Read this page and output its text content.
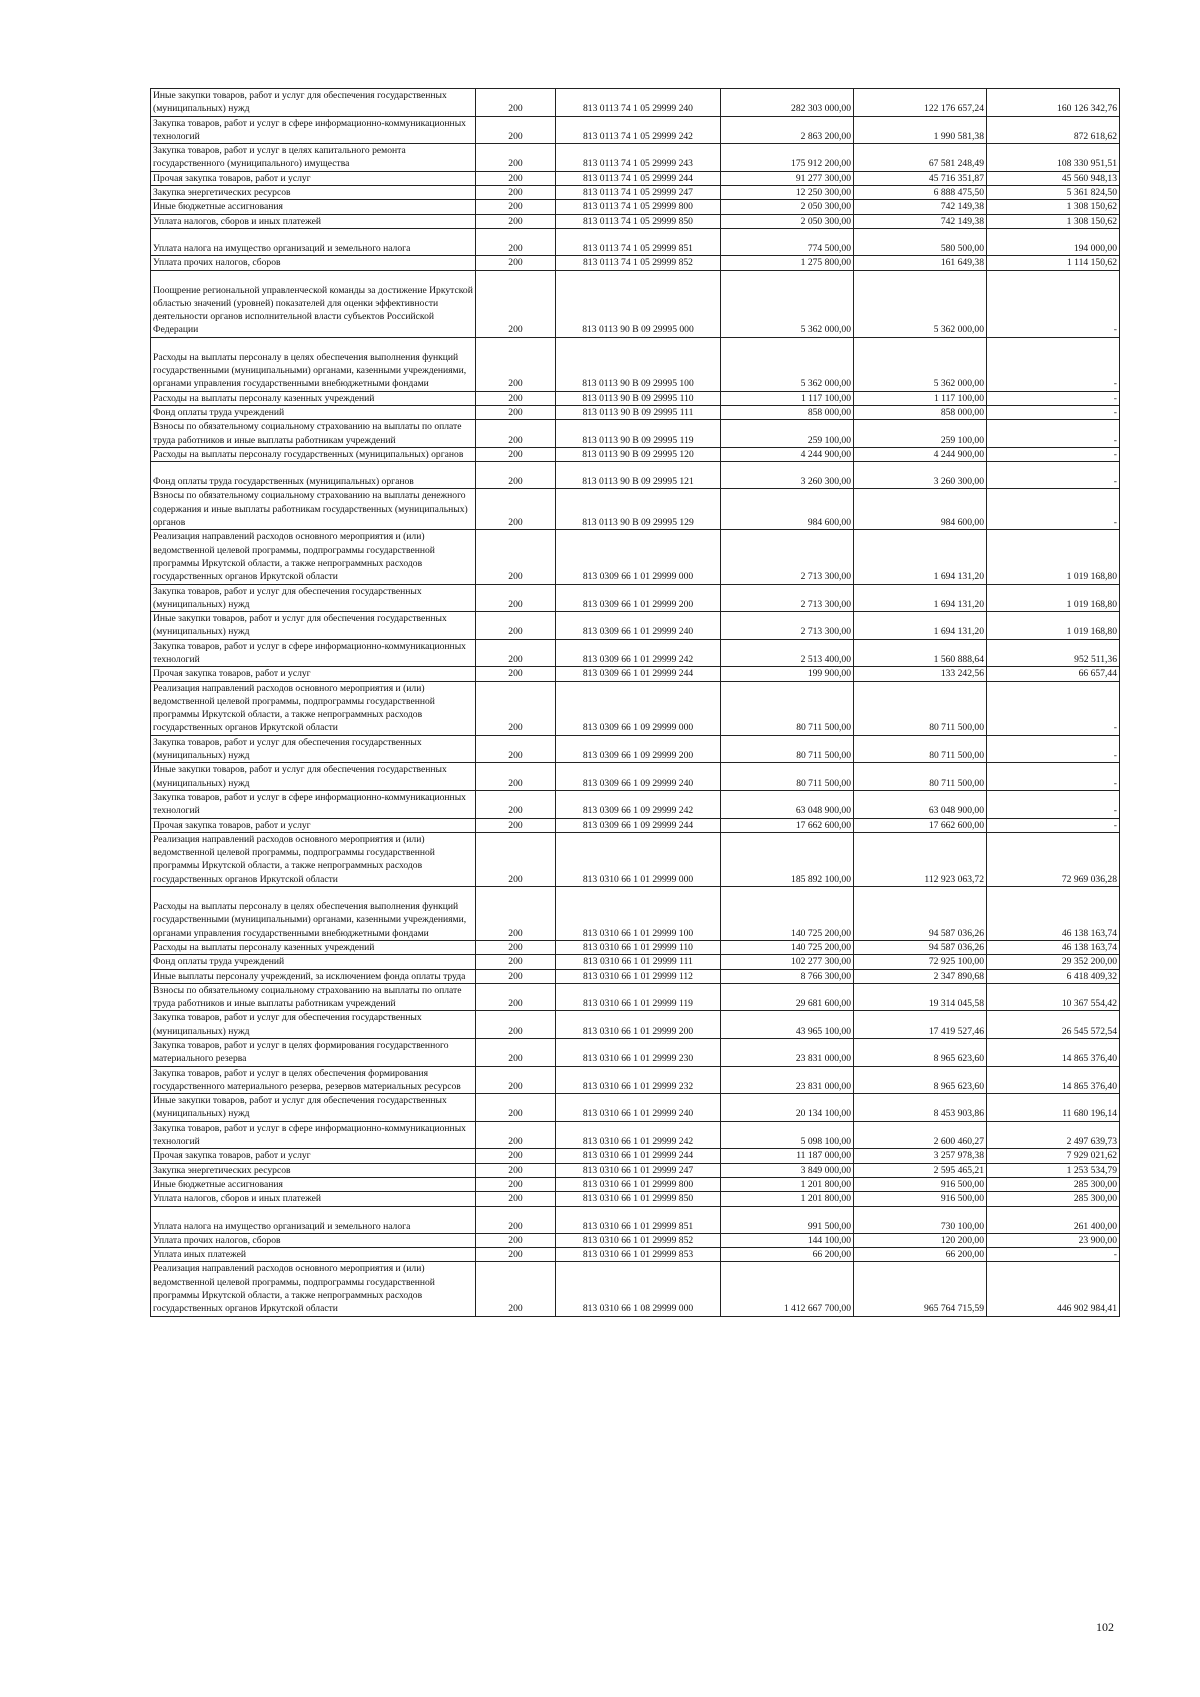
Иные закупки товаров, работ и услуг для обеспечения государственных (муниципальных) нужд	200	813 0113 74 1 05 29999 240	282 303 000,00	122 176 657,24	160 126 342,76
Закупка товаров, работ и услуг в сфере информационно-коммуникационных технологий	200	813 0113 74 1 05 29999 242	2 863 200,00	1 990 581,38	872 618,62
Закупка товаров, работ и услуг в целях капитального ремонта государственного (муниципального) имущества	200	813 0113 74 1 05 29999 243	175 912 200,00	67 581 248,49	108 330 951,51
Прочая закупка товаров, работ и услуг	200	813 0113 74 1 05 29999 244	91 277 300,00	45 716 351,87	45 560 948,13
Закупка энергетических ресурсов	200	813 0113 74 1 05 29999 247	12 250 300,00	6 888 475,50	5 361 824,50
Иные бюджетные ассигнования	200	813 0113 74 1 05 29999 800	2 050 300,00	742 149,38	1 308 150,62
Уплата налогов, сборов и иных платежей	200	813 0113 74 1 05 29999 850	2 050 300,00	742 149,38	1 308 150,62
Уплата налога на имущество организаций и земельного налога	200	813 0113 74 1 05 29999 851	774 500,00	580 500,00	194 000,00
Уплата прочих налогов, сборов	200	813 0113 74 1 05 29999 852	1 275 800,00	161 649,38	1 114 150,62
Поощрение региональной управленческой команды за достижение Иркутской областью значений (уровней) показателей для оценки эффективности деятельности органов исполнительной власти субъектов Российской Федерации	200	813 0113 90 В 09 29995 000	5 362 000,00	5 362 000,00	-
Расходы на выплаты персоналу в целях обеспечения выполнения функций государственными (муниципальными) органами, казенными учреждениями, органами управления государственными внебюджетными фондами	200	813 0113 90 В 09 29995 100	5 362 000,00	5 362 000,00	-
Расходы на выплаты персоналу казенных учреждений	200	813 0113 90 В 09 29995 110	1 117 100,00	1 117 100,00	-
Фонд оплаты труда учреждений	200	813 0113 90 В 09 29995 111	858 000,00	858 000,00	-
Взносы по обязательному социальному страхованию на выплаты по оплате труда работников и иные выплаты работникам учреждений	200	813 0113 90 В 09 29995 119	259 100,00	259 100,00	-
Расходы на выплаты персоналу государственных (муниципальных) органов	200	813 0113 90 В 09 29995 120	4 244 900,00	4 244 900,00	-
Фонд оплаты труда государственных (муниципальных) органов	200	813 0113 90 В 09 29995 121	3 260 300,00	3 260 300,00	-
Взносы по обязательному социальному страхованию на выплаты денежного содержания и иные выплаты работникам государственных (муниципальных) органов	200	813 0113 90 В 09 29995 129	984 600,00	984 600,00	-
Реализация направлений расходов основного мероприятия и (или) ведомственной целевой программы, подпрограммы государственной программы Иркутской области, а также непрограммных расходов государственных органов Иркутской области	200	813 0309 66 1 01 29999 000	2 713 300,00	1 694 131,20	1 019 168,80
Закупка товаров, работ и услуг для обеспечения государственных (муниципальных) нужд	200	813 0309 66 1 01 29999 200	2 713 300,00	1 694 131,20	1 019 168,80
Иные закупки товаров, работ и услуг для обеспечения государственных (муниципальных) нужд	200	813 0309 66 1 01 29999 240	2 713 300,00	1 694 131,20	1 019 168,80
Закупка товаров, работ и услуг в сфере информационно-коммуникационных технологий	200	813 0309 66 1 01 29999 242	2 513 400,00	1 560 888,64	952 511,36
Прочая закупка товаров, работ и услуг	200	813 0309 66 1 01 29999 244	199 900,00	133 242,56	66 657,44
Реализация направлений расходов основного мероприятия и (или) ведомственной целевой программы, подпрограммы государственной программы Иркутской области, а также непрограммных расходов государственных органов Иркутской области	200	813 0309 66 1 09 29999 000	80 711 500,00	80 711 500,00	-
Закупка товаров, работ и услуг для обеспечения государственных (муниципальных) нужд	200	813 0309 66 1 09 29999 200	80 711 500,00	80 711 500,00	-
Иные закупки товаров, работ и услуг для обеспечения государственных (муниципальных) нужд	200	813 0309 66 1 09 29999 240	80 711 500,00	80 711 500,00	-
Закупка товаров, работ и услуг в сфере информационно-коммуникационных технологий	200	813 0309 66 1 09 29999 242	63 048 900,00	63 048 900,00	-
Прочая закупка товаров, работ и услуг	200	813 0309 66 1 09 29999 244	17 662 600,00	17 662 600,00	-
Реализация направлений расходов основного мероприятия и (или) ведомственной целевой программы, подпрограммы государственной программы Иркутской области, а также непрограммных расходов государственных органов Иркутской области	200	813 0310 66 1 01 29999 000	185 892 100,00	112 923 063,72	72 969 036,28
Расходы на выплаты персоналу в целях обеспечения выполнения функций государственными (муниципальными) органами, казенными учреждениями, органами управления государственными внебюджетными фондами	200	813 0310 66 1 01 29999 100	140 725 200,00	94 587 036,26	46 138 163,74
Расходы на выплаты персоналу казенных учреждений	200	813 0310 66 1 01 29999 110	140 725 200,00	94 587 036,26	46 138 163,74
Фонд оплаты труда учреждений	200	813 0310 66 1 01 29999 111	102 277 300,00	72 925 100,00	29 352 200,00
Иные выплаты персоналу учреждений, за исключением фонда оплаты труда	200	813 0310 66 1 01 29999 112	8 766 300,00	2 347 890,68	6 418 409,32
Взносы по обязательному социальному страхованию на выплаты по оплате труда работников и иные выплаты работникам учреждений	200	813 0310 66 1 01 29999 119	29 681 600,00	19 314 045,58	10 367 554,42
Закупка товаров, работ и услуг для обеспечения государственных (муниципальных) нужд	200	813 0310 66 1 01 29999 200	43 965 100,00	17 419 527,46	26 545 572,54
Закупка товаров, работ и услуг в целях формирования государственного материального резерва	200	813 0310 66 1 01 29999 230	23 831 000,00	8 965 623,60	14 865 376,40
Закупка товаров, работ и услуг в целях обеспечения формирования государственного материального резерва, резервов материальных ресурсов	200	813 0310 66 1 01 29999 232	23 831 000,00	8 965 623,60	14 865 376,40
Иные закупки товаров, работ и услуг для обеспечения государственных (муниципальных) нужд	200	813 0310 66 1 01 29999 240	20 134 100,00	8 453 903,86	11 680 196,14
Закупка товаров, работ и услуг в сфере информационно-коммуникационных технологий	200	813 0310 66 1 01 29999 242	5 098 100,00	2 600 460,27	2 497 639,73
Прочая закупка товаров, работ и услуг	200	813 0310 66 1 01 29999 244	11 187 000,00	3 257 978,38	7 929 021,62
Закупка энергетических ресурсов	200	813 0310 66 1 01 29999 247	3 849 000,00	2 595 465,21	1 253 534,79
Иные бюджетные ассигнования	200	813 0310 66 1 01 29999 800	1 201 800,00	916 500,00	285 300,00
Уплата налогов, сборов и иных платежей	200	813 0310 66 1 01 29999 850	1 201 800,00	916 500,00	285 300,00
Уплата налога на имущество организаций и земельного налога	200	813 0310 66 1 01 29999 851	991 500,00	730 100,00	261 400,00
Уплата прочих налогов, сборов	200	813 0310 66 1 01 29999 852	144 100,00	120 200,00	23 900,00
Уплата иных платежей	200	813 0310 66 1 01 29999 853	66 200,00	66 200,00	-
Реализация направлений расходов основного мероприятия и (или) ведомственной целевой программы, подпрограммы государственной программы Иркутской области, а также непрограммных расходов государственных органов Иркутской области	200	813 0310 66 1 08 29999 000	1 412 667 700,00	965 764 715,59	446 902 984,41
102
